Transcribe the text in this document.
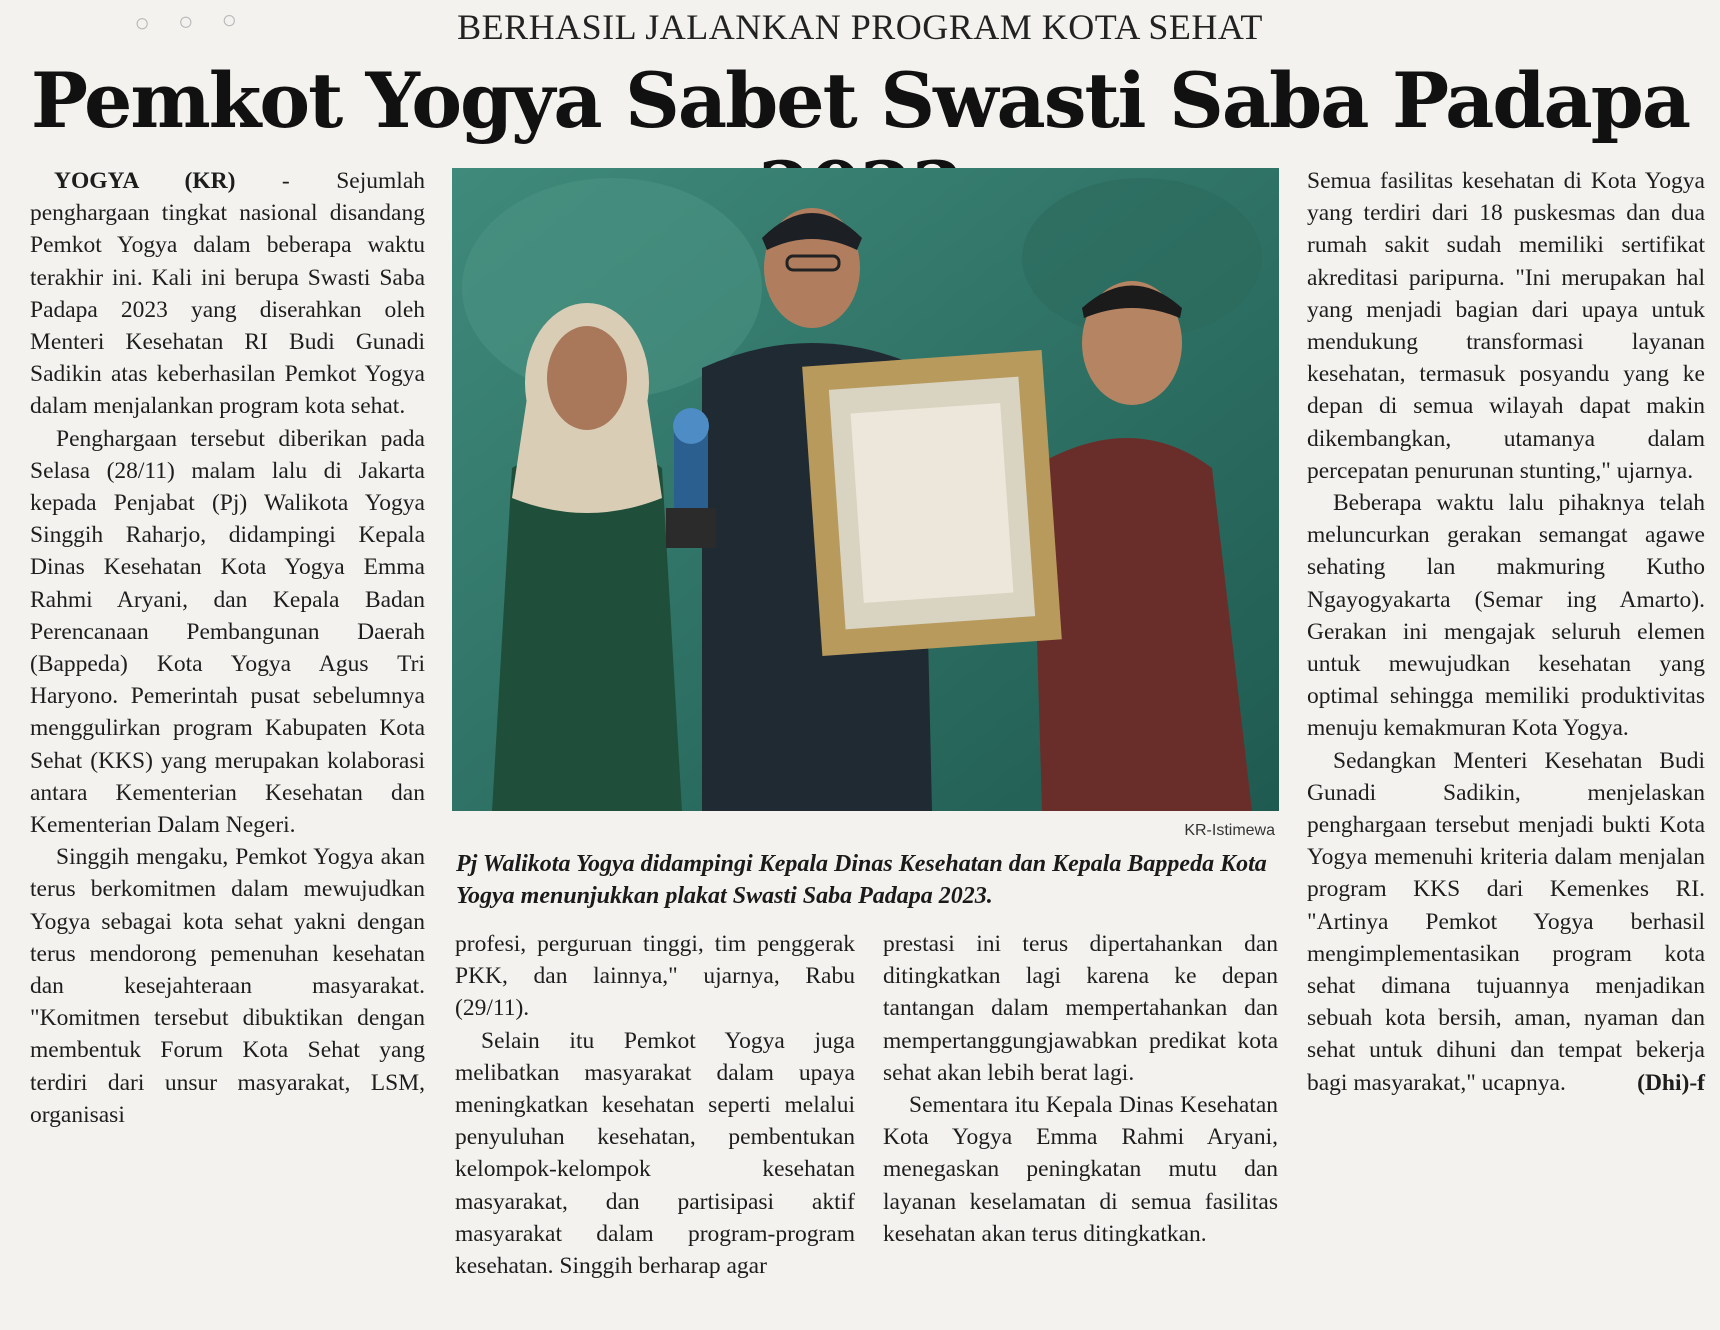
◦ ◦ ◦	BERHASIL JALANKAN PROGRAM KOTA SEHAT
Pemkot Yogya Sabet Swasti Saba Padapa

YOGYA (KR) - Sejumlah penghargaan tingkat nasional disandang Pemkot Yogya dalam beberapa waktu terakhir ini. Kali ini berupa Swasti Saba Padapa 2023 yang diserahkan oleh Menteri Kesehatan RI Budi Gunadi Sadikin atas keberhasilan Pemkot Yogya dalam menjalankan program kota sehat.

Penghargaan tersebut diberikan pada Selasa (28/11) malam lalu di Jakarta kepada Penjabat (Pj) Walikota Yogya Singgih Raharjo, didampingi Kepala Dinas Kesehatan Kota Yogya Emma Rahmi Aryani, dan Kepala Badan Perencanaan Pembangunan Daerah (Bappeda) Kota Yogya Agus Tri Haryono. Pemerintah pusat sebelumnya menggulirkan program Kabupaten Kota Sehat (KKS) yang merupakan kolaborasi antara Kementerian Kesehatan dan Kementerian Dalam Negeri.

Singgih mengaku, Pemkot Yogya akan terus berkomitmen dalam mewujudkan Yogya sebagai kota sehat yakni dengan terus mendorong pemenuhan kesehatan dan kesejahteraan masyarakat. "Komitmen tersebut dibuktikan dengan membentuk Forum Kota Sehat yang terdiri dari unsur masyarakat, LSM, organisasi

KR-Istimewa
Pj Walikota Yogya didampingi Kepala Dinas Kesehatan dan Kepala Bappeda Kota Yogya menunjukkan plakat Swasti Saba Padapa 2023.

profesi, perguruan tinggi, tim penggerak PKK, dan lainnya," ujarnya, Rabu (29/11).

Selain itu Pemkot Yogya juga melibatkan masyarakat dalam upaya meningkatkan kesehatan seperti melalui penyuluhan kesehatan, pembentukan kelompok-kelompok kesehatan masyarakat, dan partisipasi aktif masyarakat dalam program-program kesehatan. Singgih berharap agar

prestasi ini terus dipertahankan dan ditingkatkan lagi karena ke depan tantangan dalam mempertahankan dan mempertanggungjawabkan predikat kota sehat akan lebih berat lagi.

Sementara itu Kepala Dinas Kesehatan Kota Yogya Emma Rahmi Aryani, menegaskan peningkatan mutu dan layanan keselamatan di semua fasilitas kesehatan akan terus ditingkatkan.

Semua fasilitas kesehatan di Kota Yogya yang terdiri dari 18 puskesmas dan dua rumah sakit sudah memiliki sertifikat akreditasi paripurna. "Ini merupakan hal yang menjadi bagian dari upaya untuk mendukung transformasi layanan kesehatan, termasuk posyandu yang ke depan di semua wilayah dapat makin dikembangkan, utamanya dalam percepatan penurunan stunting," ujarnya.

Beberapa waktu lalu pihaknya telah meluncurkan gerakan semangat agawe sehating lan makmuring Kutho Ngayogyakarta (Semar ing Amarto). Gerakan ini mengajak seluruh elemen untuk mewujudkan kesehatan yang optimal sehingga memiliki produktivitas menuju kemakmuran Kota Yogya.

Sedangkan Menteri Kesehatan Budi Gunadi Sadikin, menjelaskan penghargaan tersebut menjadi bukti Kota Yogya memenuhi kriteria dalam menjalan program KKS dari Kemenkes RI. "Artinya Pemkot Yogya berhasil mengimplementasikan program kota sehat dimana tujuannya menjadikan sebuah kota bersih, aman, nyaman dan sehat untuk dihuni dan tempat bekerja bagi masyarakat," ucapnya.	(Dhi)-f
